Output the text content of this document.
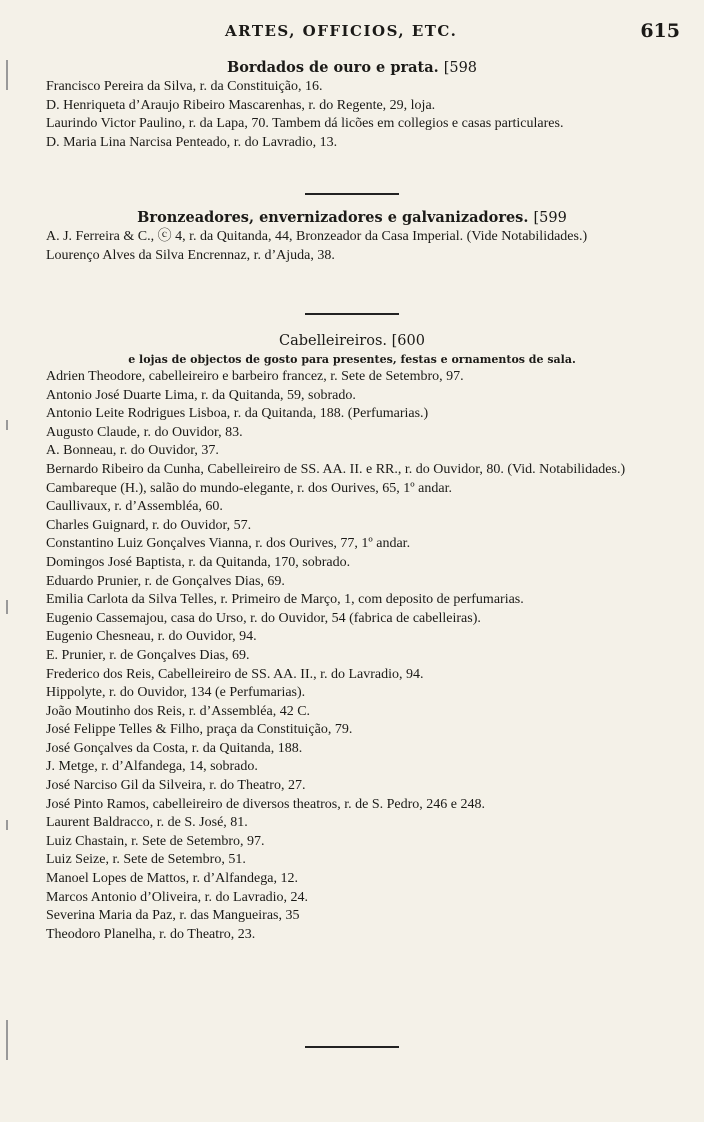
ARTES, OFFICIOS, ETC.	615
Bordados de ouro e prata. [598
Francisco Pereira da Silva, r. da Constituição, 16.
D. Henriqueta d’Araujo Ribeiro Mascarenhas, r. do Regente, 29, loja.
Laurindo Victor Paulino, r. da Lapa, 70. Tambem dá licões em collegios e casas particulares.
D. Maria Lina Narcisa Penteado, r. do Lavradio, 13.
Bronzeadores, envernizadores e galvanizadores. [599
A. J. Ferreira & C., ⓒ 4, r. da Quitanda, 44, Bronzeador da Casa Imperial. (Vide Notabilidades.)
Lourenço Alves da Silva Encrennaz, r. d’Ajuda, 38.
Cabelleireiros. [600
e lojas de objectos de gosto para presentes, festas e ornamentos de sala.
Adrien Theodore, cabelleireiro e barbeiro francez, r. Sete de Setembro, 97.
Antonio José Duarte Lima, r. da Quitanda, 59, sobrado.
Antonio Leite Rodrigues Lisboa, r. da Quitanda, 188. (Perfumarias.)
Augusto Claude, r. do Ouvidor, 83.
A. Bonneau, r. do Ouvidor, 37.
Bernardo Ribeiro da Cunha, Cabelleireiro de SS. AA. II. e RR., r. do Ouvidor, 80. (Vid. Notabilidades.)
Cambareque (H.), salão do mundo-elegante, r. dos Ourives, 65, 1º andar.
Caullivaux, r. d’Assembléa, 60.
Charles Guignard, r. do Ouvidor, 57.
Constantino Luiz Gonçalves Vianna, r. dos Ourives, 77, 1º andar.
Domingos José Baptista, r. da Quitanda, 170, sobrado.
Eduardo Prunier, r. de Gonçalves Dias, 69.
Emilia Carlota da Silva Telles, r. Primeiro de Março, 1, com deposito de perfumarias.
Eugenio Cassemajou, casa do Urso, r. do Ouvidor, 54 (fabrica de cabelleiras).
Eugenio Chesneau, r. do Ouvidor, 94.
E. Prunier, r. de Gonçalves Dias, 69.
Frederico dos Reis, Cabelleireiro de SS. AA. II., r. do Lavradio, 94.
Hippolyte, r. do Ouvidor, 134 (e Perfumarias).
João Moutinho dos Reis, r. d’Assembléa, 42 C.
José Felippe Telles & Filho, praça da Constituição, 79.
José Gonçalves da Costa, r. da Quitanda, 188.
J. Metge, r. d’Alfandega, 14, sobrado.
José Narciso Gil da Silveira, r. do Theatro, 27.
José Pinto Ramos, cabelleireiro de diversos theatros, r. de S. Pedro, 246 e 248.
Laurent Baldracco, r. de S. José, 81.
Luiz Chastain, r. Sete de Setembro, 97.
Luiz Seize, r. Sete de Setembro, 51.
Manoel Lopes de Mattos, r. d’Alfandega, 12.
Marcos Antonio d’Oliveira, r. do Lavradio, 24.
Severina Maria da Paz, r. das Mangueiras, 35
Theodoro Planelha, r. do Theatro, 23.
